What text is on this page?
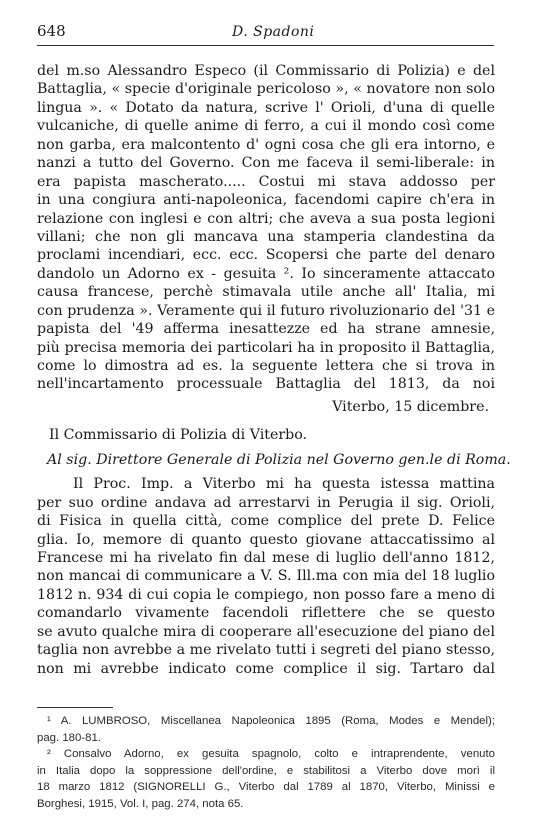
648	D. Spadoni
del m.so Alessandro Especo (il Commissario di Polizia) e del
Battaglia, « specie d'originale pericoloso », « novatore non solo
lingua ». « Dotato da natura, scrive l' Orioli, d'una di quelle
vulcaniche, di quelle anime di ferro, a cui il mondo così come
non garba, era malcontento d' ogni cosa che gli era intorno, e
nanzi a tutto del Governo. Con me faceva il semi-liberale: in
era papista mascherato..... Costui mi stava addosso per
in una congiura anti-napoleonica, facendomi capire ch'era in
relazione con inglesi e con altri; che aveva a sua posta legioni
villani; che non gli mancava una stamperia clandestina da
proclami incendiari, ecc. ecc. Scopersi che parte del denaro
dandolo un Adorno ex - gesuita ². Io sinceramente attaccato
causa francese, perchè stimavala utile anche all' Italia, mi
con prudenza ». Veramente qui il futuro rivoluzionario del '31 e
papista del '49 afferma inesattezze ed ha strane amnesie,
più precisa memoria dei particolari ha in proposito il Battaglia,
come lo dimostra ad es. la seguente lettera che si trova in
nell'incartamento processuale Battaglia del 1813, da noi
Viterbo, 15 dicembre.
Il Commissario di Polizia di Viterbo.
Al sig. Direttore Generale di Polizia nel Governo gen.le di Roma.
Il Proc. Imp. a Viterbo mi ha questa istessa mattina
per suo ordine andava ad arrestarvi in Perugia il sig. Orioli,
di Fisica in quella città, come complice del prete D. Felice
glia. Io, memore di quanto questo giovane attaccatissimo al
Francese mi ha rivelato fin dal mese di luglio dell'anno 1812,
non mancai di communicare a V. S. Ill.ma con mia del 18 luglio
1812 n. 934 di cui copia le compiego, non posso fare a meno di
comandarlo vivamente facendoli riflettere che se questo
se avuto qualche mira di cooperare all'esecuzione del piano del
taglia non avrebbe a me rivelato tutti i segreti del piano stesso,
non mi avrebbe indicato come complice il sig. Tartaro dal
¹ A. LUMBROSO, Miscellanea Napoleonica 1895 (Roma, Modes e Mendel);
pag. 180-81.
² Consalvo Adorno, ex gesuita spagnolo, colto e intraprendente, venuto
in Italia dopo la soppressione dell'ordine, e stabilitosi a Viterbo dove morì il
18 marzo 1812 (SIGNORELLI G., Viterbo dal 1789 al 1870, Viterbo, Minissi e
Borghesi, 1915, Vol. I, pag. 274, nota 65.
